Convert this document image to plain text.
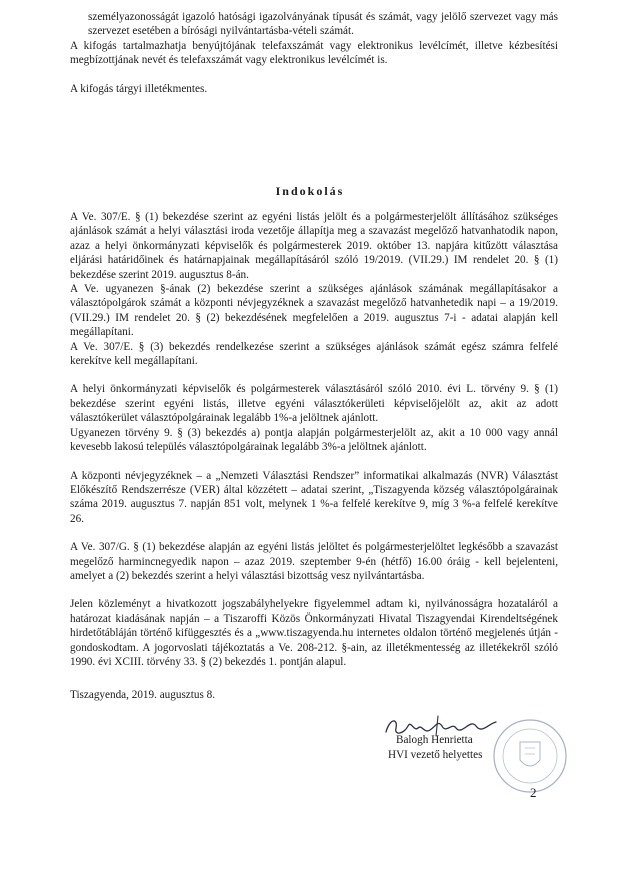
személyazonosságát igazoló hatósági igazolványának típusát és számát, vagy jelölő szervezet vagy más szervezet esetében a bírósági nyilvántartásba-vételi számát.

A kifogás tartalmazhatja benyújtójának telefaxszámát vagy elektronikus levélcímét, illetve kézbesítési megbízottjának nevét és telefaxszámát vagy elektronikus levélcímét is.

A kifogás tárgyi illetékmentes.

Indokolás

A Ve. 307/E. § (1) bekezdése szerint az egyéni listás jelölt és a polgármesterjelölt állításához szükséges ajánlások számát a helyi választási iroda vezetője állapítja meg a szavazást megelőző hatvanhatodik napon, azaz a helyi önkormányzati képviselők és polgármesterek 2019. október 13. napjára kitűzött választása eljárási határidőinek és határnapjainak megállapításáról szóló 19/2019. (VII.29.) IM rendelet 20. § (1) bekezdése szerint 2019. augusztus 8-án.

A Ve. ugyanezen §-ának (2) bekezdése szerint a szükséges ajánlások számának megállapításakor a választópolgárok számát a központi névjegyzéknek a szavazást megelőző hatvanhetedik napi – a 19/2019. (VII.29.) IM rendelet 20. § (2) bekezdésének megfelelően a 2019. augusztus 7-i - adatai alapján kell megállapítani.

A Ve. 307/E. § (3) bekezdés rendelkezése szerint a szükséges ajánlások számát egész számra felfelé kerekítve kell megállapítani.

A helyi önkormányzati képviselők és polgármesterek választásáról szóló 2010. évi L. törvény 9. § (1) bekezdése szerint egyéni listás, illetve egyéni választókerületi képviselőjelölt az, akit az adott választókerület választópolgárainak legalább 1%-a jelöltnek ajánlott.

Ugyanezen törvény 9. § (3) bekezdés a) pontja alapján polgármesterjelölt az, akit a 10 000 vagy annál kevesebb lakosú település választópolgárainak legalább 3%-a jelöltnek ajánlott.

A központi névjegyzéknek – a „Nemzeti Választási Rendszer” informatikai alkalmazás (NVR) Választást Előkészítő Rendszerrésze (VER) által közzétett – adatai szerint, „Tiszagyenda község választópolgárainak száma 2019. augusztus 7. napján 851 volt, melynek 1 %-a felfelé kerekítve 9, míg 3 %-a felfelé kerekítve 26.

A Ve. 307/G. § (1) bekezdése alapján az egyéni listás jelöltet és polgármesterjelöltet legkésőbb a szavazást megelőző harmincnegyedik napon – azaz 2019. szeptember 9-én (hétfő) 16.00 óráig - kell bejelenteni, amelyet a (2) bekezdés szerint a helyi választási bizottság vesz nyilvántartásba.

Jelen közleményt a hivatkozott jogszabályhelyekre figyelemmel adtam ki, nyilvánosságra hozataláról a határozat kiadásának napján – a Tiszaroffi Közös Önkormányzati Hivatal Tiszagyendai Kirendeltségének hirdetőtábláján történő kifüggesztés és a „www.tiszagyenda.hu internetes oldalon történő megjelenés útján - gondoskodtam. A jogorvoslati tájékoztatás a Ve. 208-212. §-ain, az illetékmentesség az illetékekről szóló 1990. évi XCIII. törvény 33. § (2) bekezdés 1. pontján alapul.

Tiszagyenda, 2019. augusztus 8.
Balogh Henrietta
HVI vezető helyettes
2
